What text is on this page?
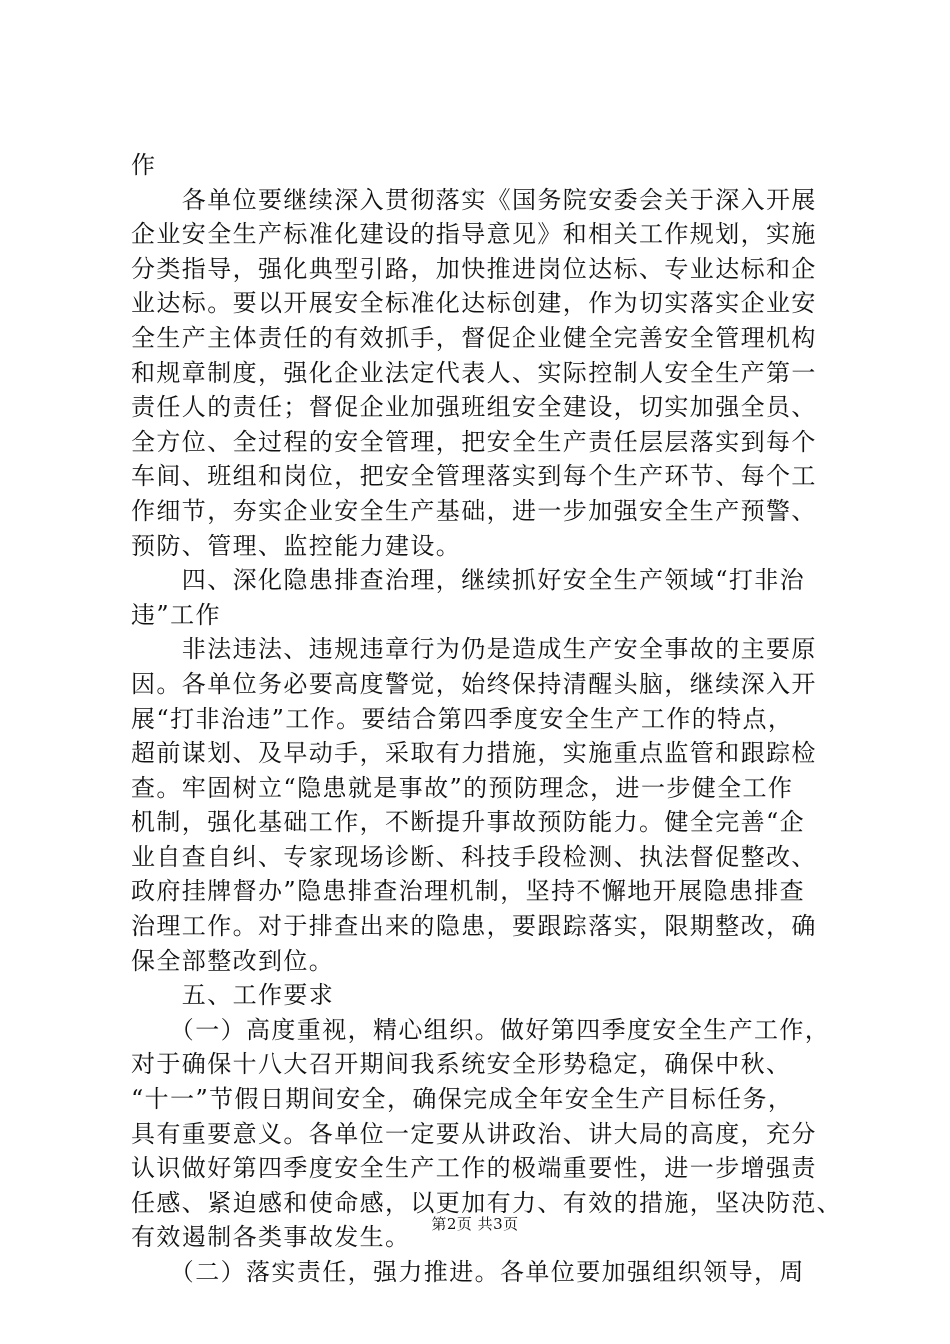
作
　　各单位要继续深入贯彻落实《国务院安委会关于深入开展
企业安全生产标准化建设的指导意见》和相关工作规划，实施
分类指导，强化典型引路，加快推进岗位达标、专业达标和企
业达标。要以开展安全标准化达标创建，作为切实落实企业安
全生产主体责任的有效抓手，督促企业健全完善安全管理机构
和规章制度，强化企业法定代表人、实际控制人安全生产第一
责任人的责任；督促企业加强班组安全建设，切实加强全员、
全方位、全过程的安全管理，把安全生产责任层层落实到每个
车间、班组和岗位，把安全管理落实到每个生产环节、每个工
作细节，夯实企业安全生产基础，进一步加强安全生产预警、
预防、管理、监控能力建设。
　　四、深化隐患排查治理，继续抓好安全生产领域“打非治
违”工作
　　非法违法、违规违章行为仍是造成生产安全事故的主要原
因。各单位务必要高度警觉，始终保持清醒头脑，继续深入开
展“打非治违”工作。要结合第四季度安全生产工作的特点，
超前谋划、及早动手，采取有力措施，实施重点监管和跟踪检
查。牢固树立“隐患就是事故”的预防理念，进一步健全工作
机制，强化基础工作，不断提升事故预防能力。健全完善“企
业自查自纠、专家现场诊断、科技手段检测、执法督促整改、
政府挂牌督办”隐患排查治理机制，坚持不懈地开展隐患排查
治理工作。对于排查出来的隐患，要跟踪落实，限期整改，确
保全部整改到位。
　　五、工作要求
　　（一）高度重视，精心组织。做好第四季度安全生产工作，
对于确保十八大召开期间我系统安全形势稳定，确保中秋、
“十一”节假日期间安全，确保完成全年安全生产目标任务，
具有重要意义。各单位一定要从讲政治、讲大局的高度，充分
认识做好第四季度安全生产工作的极端重要性，进一步增强责
任感、紧迫感和使命感，以更加有力、有效的措施，坚决防范、
有效遏制各类事故发生。
　　（二）落实责任，强力推进。各单位要加强组织领导，周
第2页 共3页
